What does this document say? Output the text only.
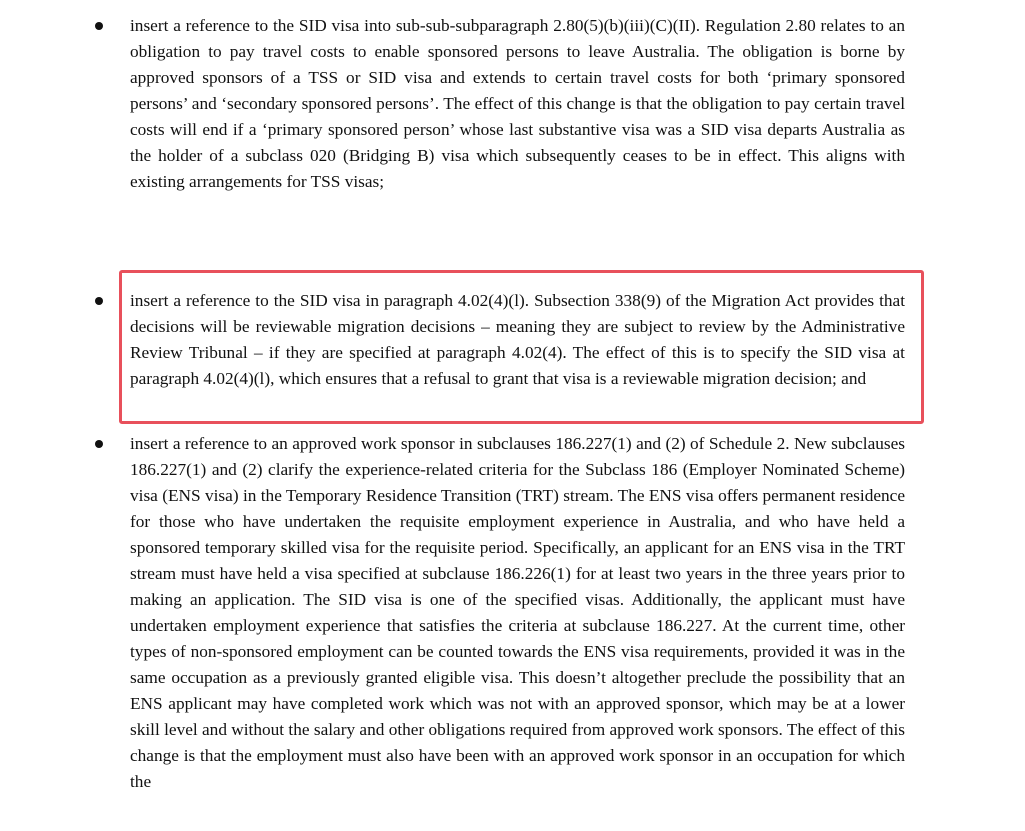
insert a reference to the SID visa into sub-sub-subparagraph 2.80(5)(b)(iii)(C)(II). Regulation 2.80 relates to an obligation to pay travel costs to enable sponsored persons to leave Australia. The obligation is borne by approved sponsors of a TSS or SID visa and extends to certain travel costs for both ‘primary sponsored persons’ and ‘secondary sponsored persons’. The effect of this change is that the obligation to pay certain travel costs will end if a ‘primary sponsored person’ whose last substantive visa was a SID visa departs Australia as the holder of a subclass 020 (Bridging B) visa which subsequently ceases to be in effect. This aligns with existing arrangements for TSS visas;

insert a reference to the SID visa in paragraph 4.02(4)(l). Subsection 338(9) of the Migration Act provides that decisions will be reviewable migration decisions – meaning they are subject to review by the Administrative Review Tribunal – if they are specified at paragraph 4.02(4). The effect of this is to specify the SID visa at paragraph 4.02(4)(l), which ensures that a refusal to grant that visa is a reviewable migration decision; and

insert a reference to an approved work sponsor in subclauses 186.227(1) and (2) of Schedule 2. New subclauses 186.227(1) and (2) clarify the experience-related criteria for the Subclass 186 (Employer Nominated Scheme) visa (ENS visa) in the Temporary Residence Transition (TRT) stream. The ENS visa offers permanent residence for those who have undertaken the requisite employment experience in Australia, and who have held a sponsored temporary skilled visa for the requisite period. Specifically, an applicant for an ENS visa in the TRT stream must have held a visa specified at subclause 186.226(1) for at least two years in the three years prior to making an application. The SID visa is one of the specified visas. Additionally, the applicant must have undertaken employment experience that satisfies the criteria at subclause 186.227. At the current time, other types of non-sponsored employment can be counted towards the ENS visa requirements, provided it was in the same occupation as a previously granted eligible visa. This doesn’t altogether preclude the possibility that an ENS applicant may have completed work which was not with an approved sponsor, which may be at a lower skill level and without the salary and other obligations required from approved work sponsors. The effect of this change is that the employment must also have been with an approved work sponsor in an occupation for which the
